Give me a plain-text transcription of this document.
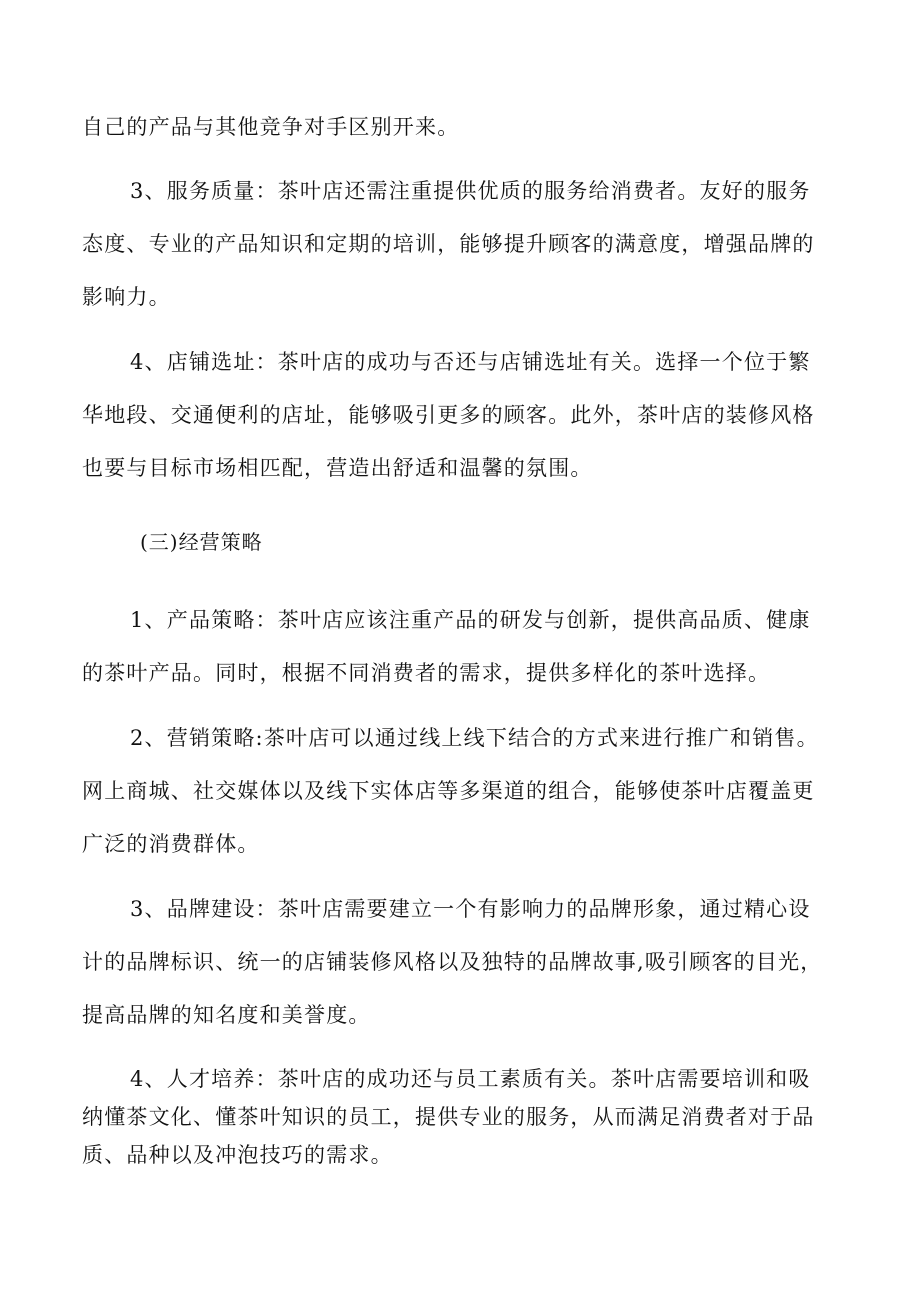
自己的产品与其他竞争对手区别开来。
3、服务质量：茶叶店还需注重提供优质的服务给消费者。友好的服务
态度、专业的产品知识和定期的培训，能够提升顾客的满意度，增强品牌的
影响力。
4、店铺选址：茶叶店的成功与否还与店铺选址有关。选择一个位于繁
华地段、交通便利的店址，能够吸引更多的顾客。此外，茶叶店的装修风格
也要与目标市场相匹配，营造出舒适和温馨的氛围。
(三)经营策略
1、产品策略：茶叶店应该注重产品的研发与创新，提供高品质、健康
的茶叶产品。同时，根据不同消费者的需求，提供多样化的茶叶选择。
2、营销策略:茶叶店可以通过线上线下结合的方式来进行推广和销售。
网上商城、社交媒体以及线下实体店等多渠道的组合，能够使茶叶店覆盖更
广泛的消费群体。
3、品牌建设：茶叶店需要建立一个有影响力的品牌形象，通过精心设
计的品牌标识、统一的店铺装修风格以及独特的品牌故事,吸引顾客的目光，
提高品牌的知名度和美誉度。
4、人才培养：茶叶店的成功还与员工素质有关。茶叶店需要培训和吸
纳懂茶文化、懂茶叶知识的员工，提供专业的服务，从而满足消费者对于品
质、品种以及冲泡技巧的需求。
